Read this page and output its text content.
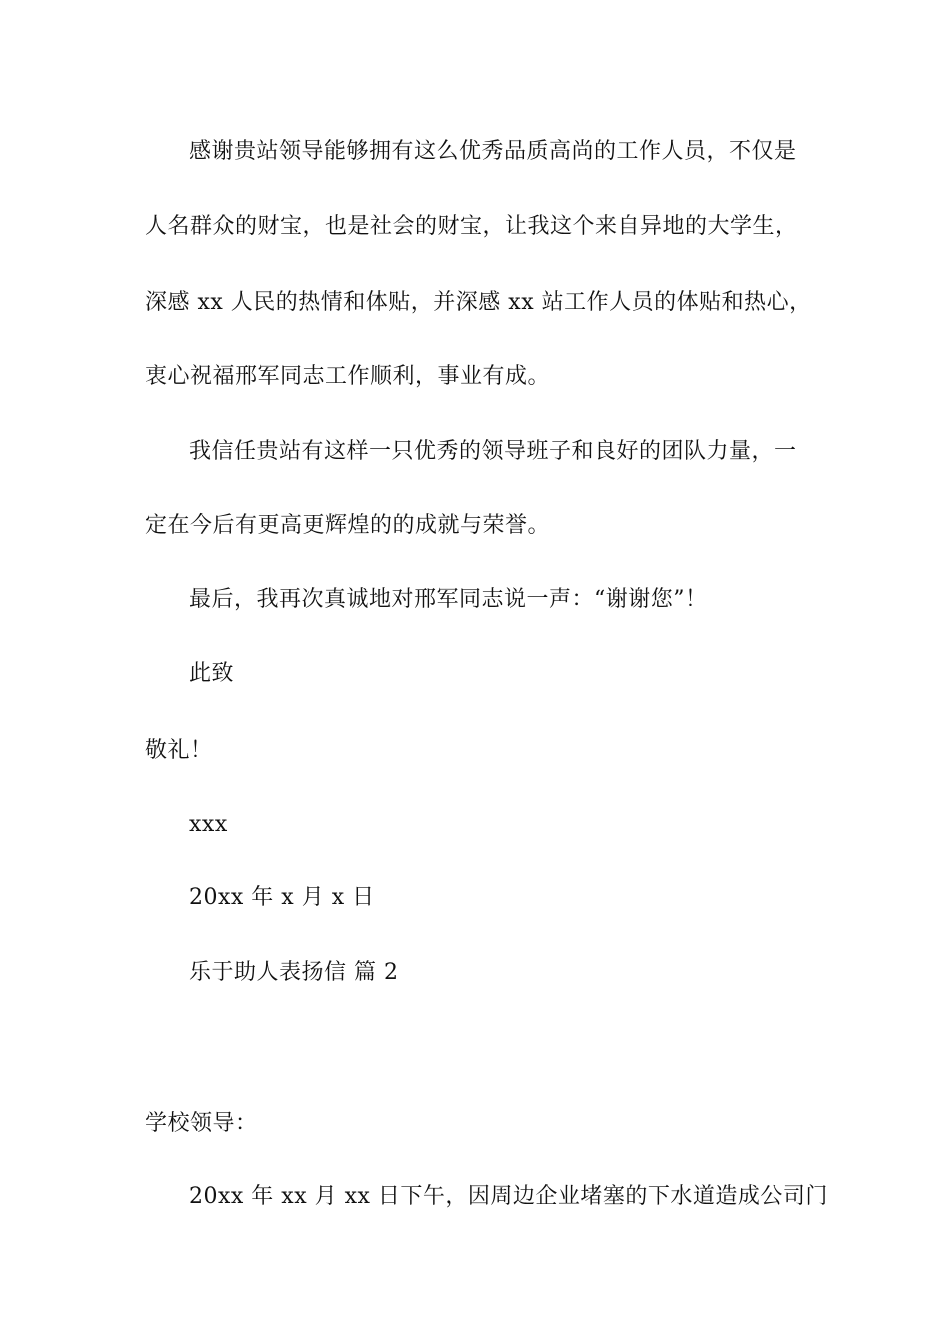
感谢贵站领导能够拥有这么优秀品质高尚的工作人员，不仅是
人名群众的财宝，也是社会的财宝，让我这个来自异地的大学生，
深感 xx 人民的热情和体贴，并深感 xx 站工作人员的体贴和热心，
衷心祝福邢军同志工作顺利，事业有成。
我信任贵站有这样一只优秀的领导班子和良好的团队力量，一
定在今后有更高更辉煌的的成就与荣誉。
最后，我再次真诚地对邢军同志说一声：“谢谢您”！
此致
敬礼！
xxx
20xx 年 x 月 x 日
乐于助人表扬信 篇 2
学校领导：
20xx 年 xx 月 xx 日下午，因周边企业堵塞的下水道造成公司门
